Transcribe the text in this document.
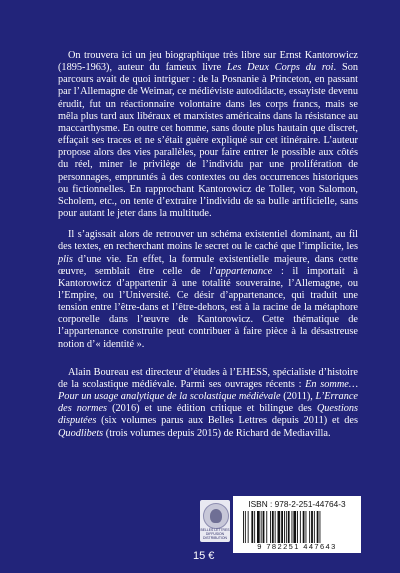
On trouvera ici un jeu biographique très libre sur Ernst Kantorowicz (1895-1963), auteur du fameux livre Les Deux Corps du roi. Son parcours avait de quoi intriguer : de la Posnanie à Princeton, en passant par l’Allemagne de Weimar, ce médiéviste autodidacte, essayiste devenu érudit, fut un réactionnaire volontaire dans les corps francs, mais se mêla plus tard aux libéraux et marxistes américains dans la résistance au maccarthysme. En outre cet homme, sans doute plus hautain que discret, effaçait ses traces et ne s’était guère expliqué sur cet itinéraire. L’auteur propose alors des vies parallèles, pour faire entrer le possible aux côtés du réel, miner le privilège de l’individu par une prolifération de personnages, empruntés à des contextes ou des occurrences historiques ou fictionnelles. En rapprochant Kantorowicz de Toller, von Salomon, Scholem, etc., on tente d’extraire l’individu de sa bulle artificielle, sans pour autant le jeter dans la multitude.

Il s’agissait alors de retrouver un schéma existentiel dominant, au fil des textes, en recherchant moins le secret ou le caché que l’implicite, les plis d’une vie. En effet, la formule existentielle majeure, dans cette œuvre, semblait être celle de l’appartenance : il importait à Kantorowicz d’appartenir à une totalité souveraine, l’Allemagne, ou l’Empire, ou l’Université. Ce désir d’appartenance, qui traduit une tension entre l’être-dans et l’être-dehors, est à la racine de la métaphore corporelle dans l’œuvre de Kantorowicz. Cette thématique de l’appartenance construite peut contribuer à faire pièce à la désastreuse notion d’« identité ».

Alain Boureau est directeur d’études à l’EHESS, spécialiste d’histoire de la scolastique médiévale. Parmi ses ouvrages récents : En somme… Pour un usage analytique de la scolastique médiévale (2011), L’Errance des normes (2016) et une édition critique et bilingue des Questions disputées (six volumes parus aux Belles Lettres depuis 2011) et des Quodlibets (trois volumes depuis 2015) de Richard de Mediavilla.

BELLES LETTRES DIFFUSION DISTRIBUTION
15 €
ISBN : 978-2-251-44764-3
9 782251 447643
